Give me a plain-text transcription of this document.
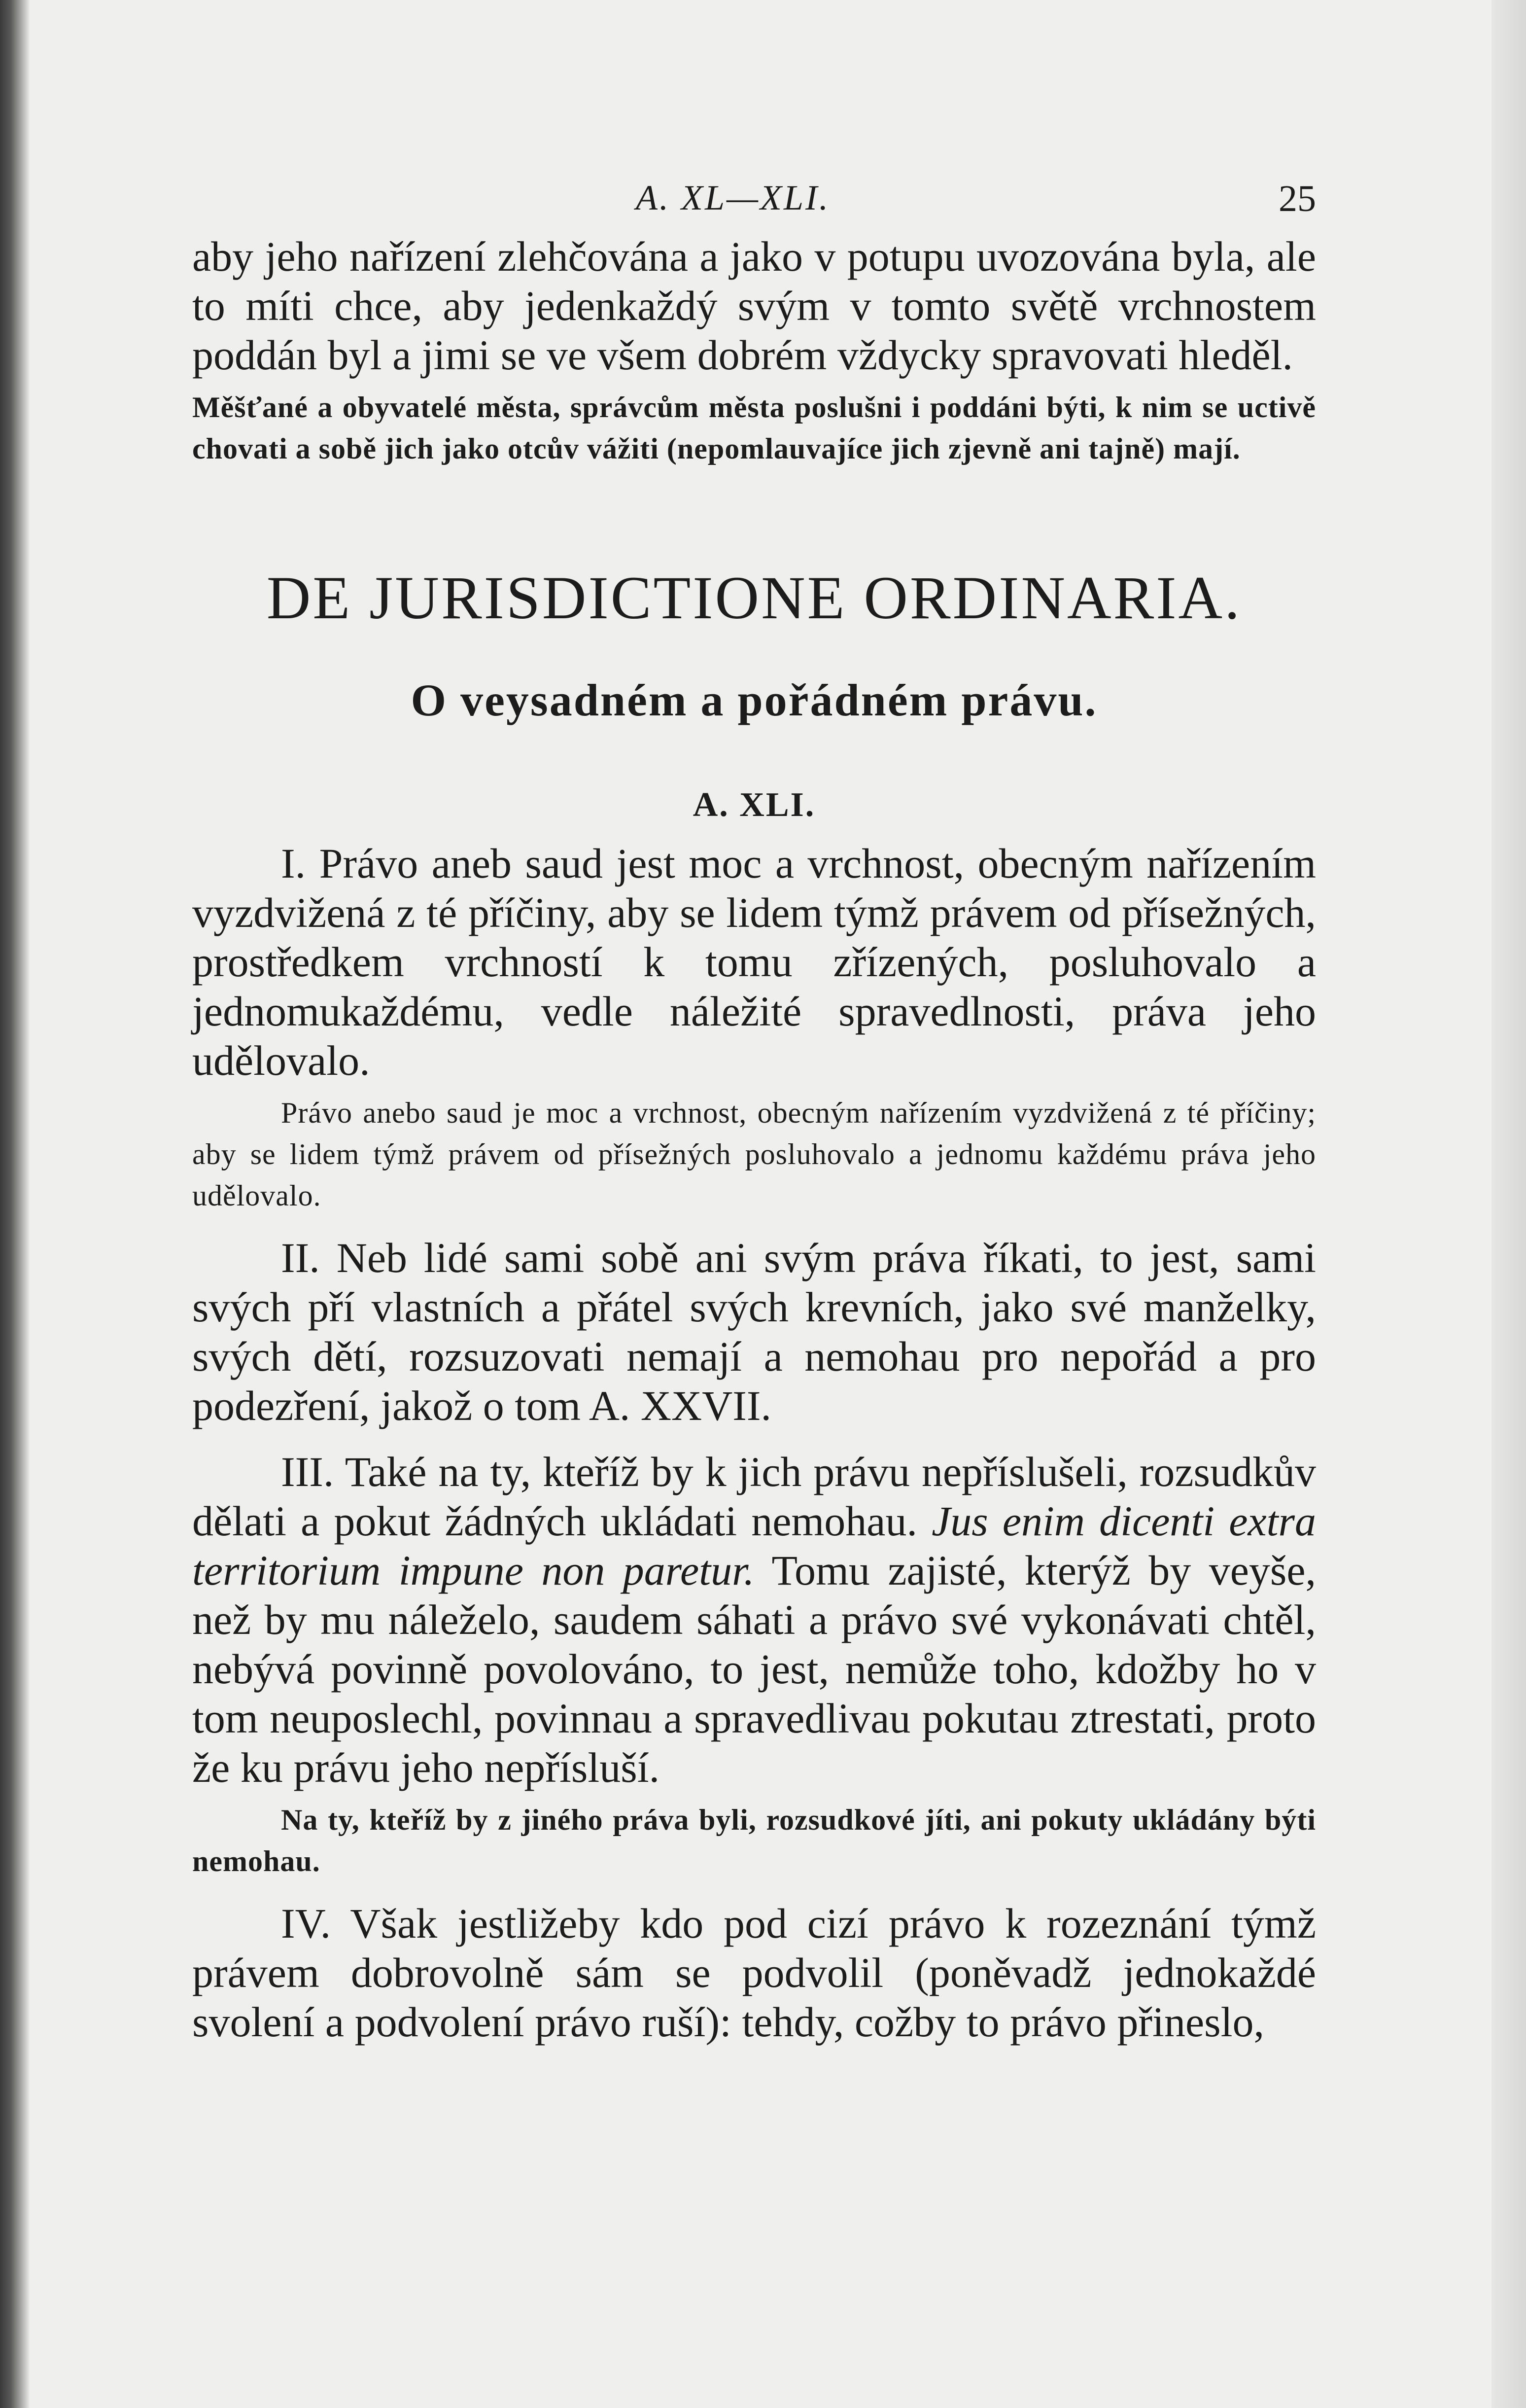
A. XL—XLI.	25

aby jeho nařízení zlehčována a jako v potupu uvozována byla, ale to míti chce, aby jedenkaždý svým v tomto světě vrchnostem poddán byl a jimi se ve všem dobrém vždycky spravovati hleděl.

Měšťané a obyvatelé města, správcům města poslušni i poddáni býti, k nim se uctivě chovati a sobě jich jako otcův vážiti (nepomlauvajíce jich zjevně ani tajně) mají.

DE JURISDICTIONE ORDINARIA.
O veysadném a pořádném právu.
A. XLI.

I. Právo aneb saud jest moc a vrchnost, obecným nařízením vyzdvižená z té příčiny, aby se lidem týmž právem od přísežných, prostředkem vrchností k tomu zřízených, posluhovalo a jednomukaždému, vedle náležité spravedlnosti, práva jeho udělovalo.

Právo anebo saud je moc a vrchnost, obecným nařízením vyzdvižená z té příčiny; aby se lidem týmž právem od přísežných posluhovalo a jednomu každému práva jeho udělovalo.

II. Neb lidé sami sobě ani svým práva říkati, to jest, sami svých pří vlastních a přátel svých krevních, jako své manželky, svých dětí, rozsuzovati nemají a nemohau pro nepořád a pro podezření, jakož o tom A. XXVII.

III. Také na ty, kteříž by k jich právu nepříslušeli, rozsudkův dělati a pokut žádných ukládati nemohau. Jus enim dicenti extra territorium impune non paretur. Tomu zajisté, kterýž by veyše, než by mu náleželo, saudem sáhati a právo své vykonávati chtěl, nebývá povinně povolováno, to jest, nemůže toho, kdožby ho v tom neuposlechl, povinnau a spravedlivau pokutau ztrestati, proto že ku právu jeho nepřísluší.

Na ty, kteříž by z jiného práva byli, rozsudkové jíti, ani pokuty ukládány býti nemohau.

IV. Však jestližeby kdo pod cizí právo k rozeznání týmž právem dobrovolně sám se podvolil (poněvadž jednokaždé svolení a podvolení právo ruší): tehdy, cožby to právo přineslo,
